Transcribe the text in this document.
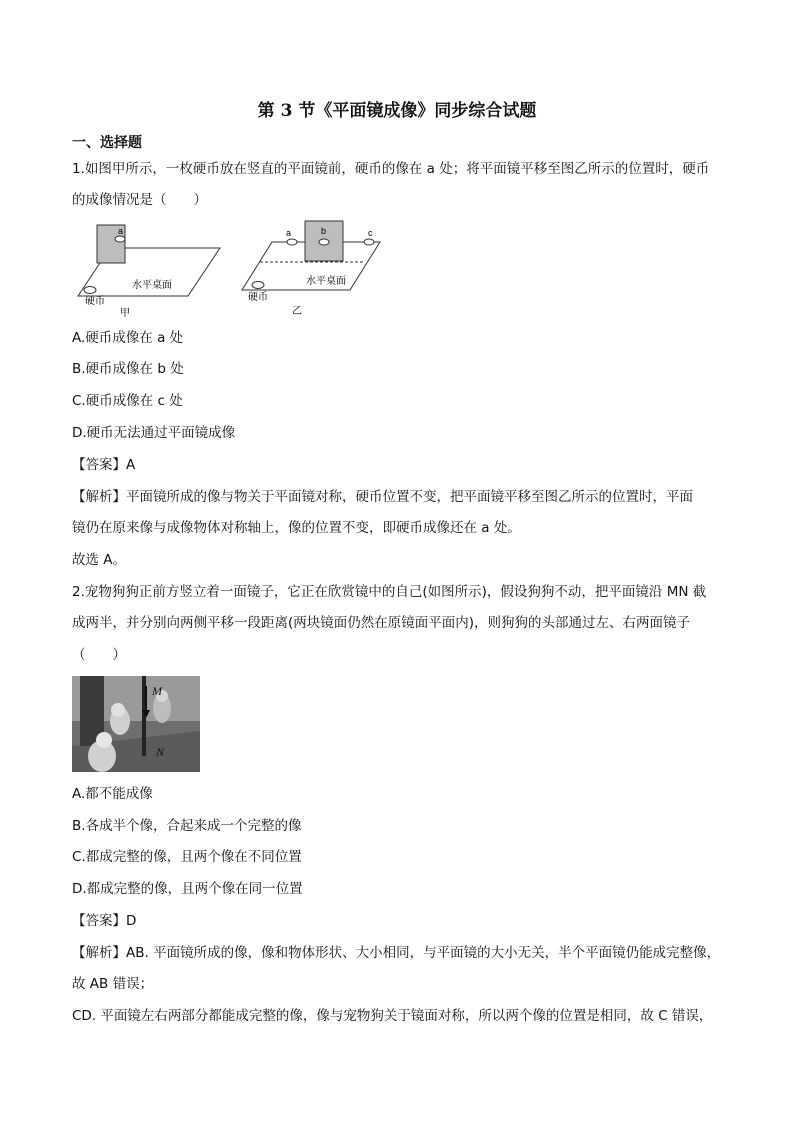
第 3 节《平面镜成像》同步综合试题
一、选择题
1.如图甲所示，一枚硬币放在竖直的平面镜前，硬币的像在 a 处；将平面镜平移至图乙所示的位置时，硬币
的成像情况是（　　）
a
水平桌面
硬币
甲
a	b	c
水平桌面
硬币
乙
A.硬币成像在 a 处
B.硬币成像在 b 处
C.硬币成像在 c 处
D.硬币无法通过平面镜成像
【答案】A
【解析】平面镜所成的像与物关于平面镜对称，硬币位置不变，把平面镜平移至图乙所示的位置时，平面
镜仍在原来像与成像物体对称轴上，像的位置不变，即硬币成像还在 a 处。
故选 A。
2.宠物狗狗正前方竖立着一面镜子，它正在欣赏镜中的自己(如图所示)，假设狗狗不动，把平面镜沿 MN 截
成两半，并分别向两侧平移一段距离(两块镜面仍然在原镜面平面内)，则狗狗的头部通过左、右两面镜子
（　　）
M
N
A.都不能成像
B.各成半个像，合起来成一个完整的像
C.都成完整的像，且两个像在不同位置
D.都成完整的像，且两个像在同一位置
【答案】D
【解析】AB. 平面镜所成的像，像和物体形状、大小相同，与平面镜的大小无关，半个平面镜仍能成完整像，
故 AB 错误；
CD. 平面镜左右两部分都能成完整的像，像与宠物狗关于镜面对称，所以两个像的位置是相同，故 C 错误，
